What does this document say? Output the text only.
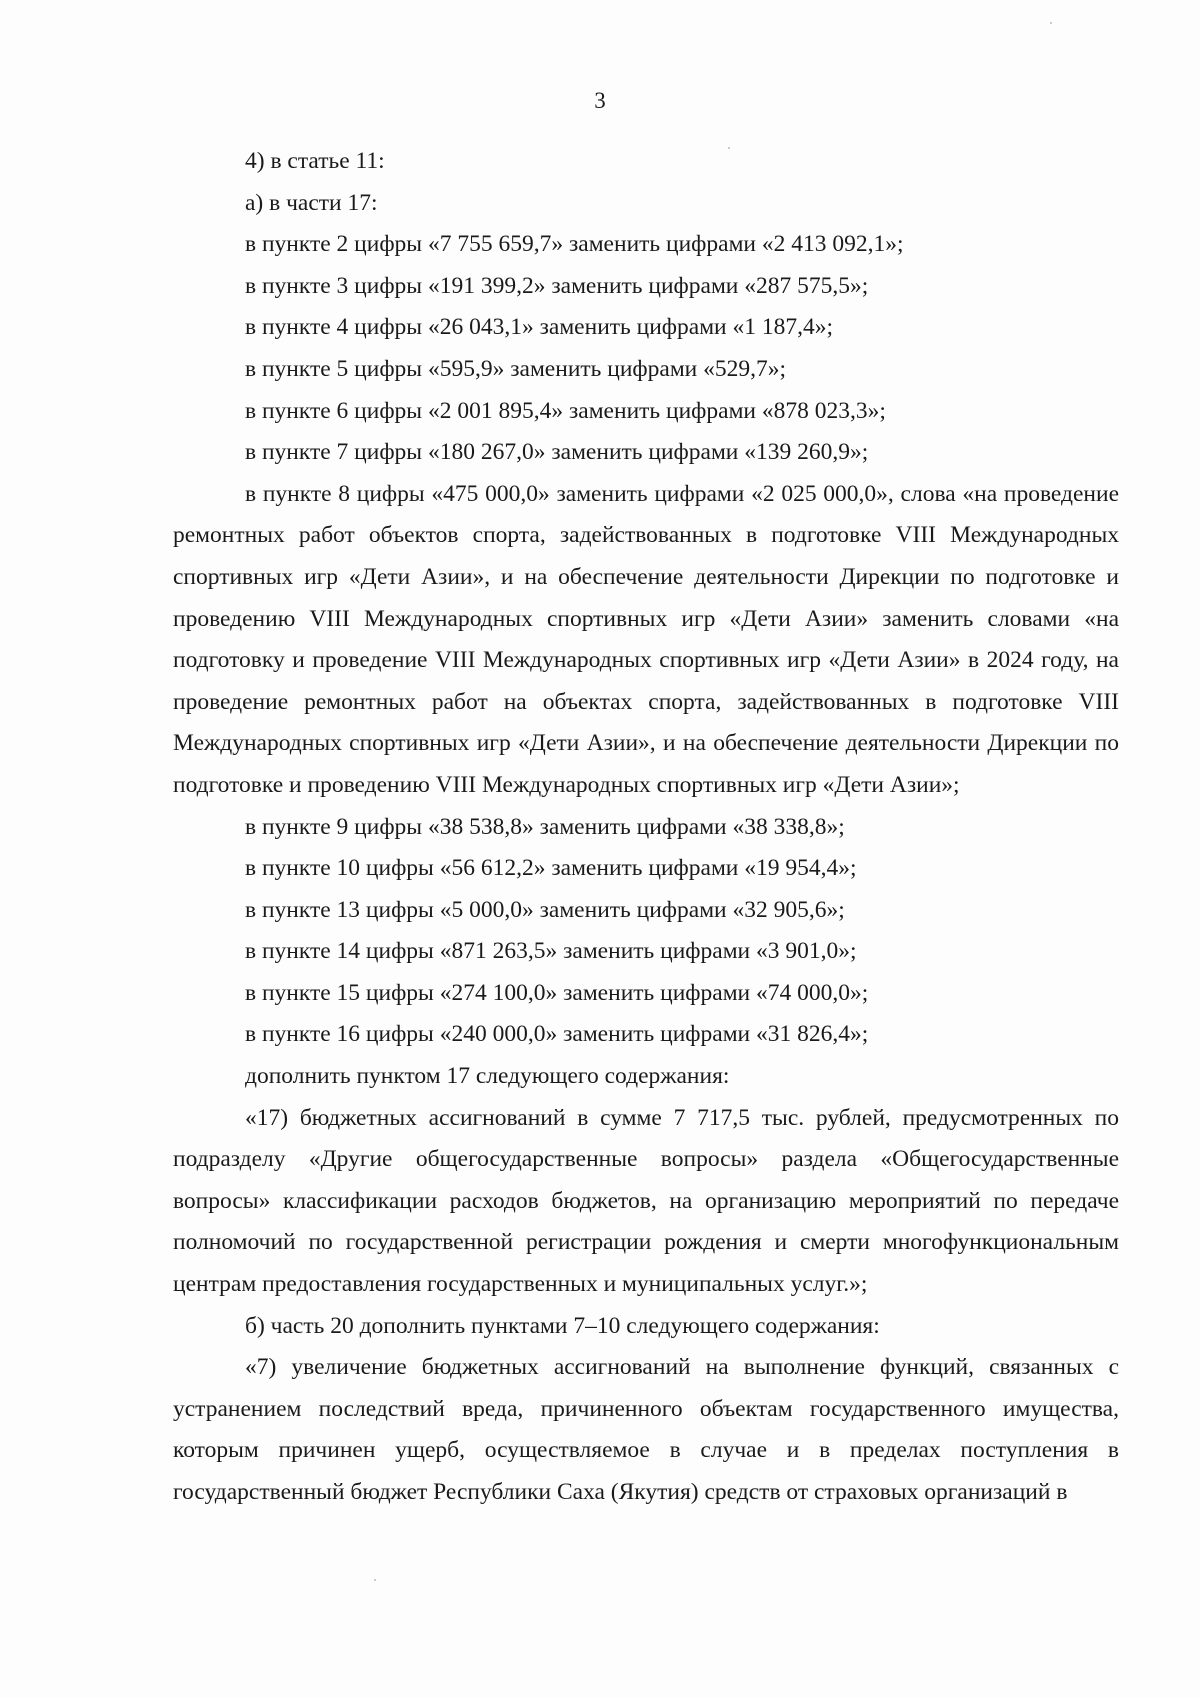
3

4) в статье 11:

а) в части 17:

в пункте 2 цифры «7 755 659,7» заменить цифрами «2 413 092,1»;

в пункте 3 цифры «191 399,2» заменить цифрами «287 575,5»;

в пункте 4 цифры «26 043,1» заменить цифрами «1 187,4»;

в пункте 5 цифры «595,9» заменить цифрами «529,7»;

в пункте 6 цифры «2 001 895,4» заменить цифрами «878 023,3»;

в пункте 7 цифры «180 267,0» заменить цифрами «139 260,9»;

в пункте 8 цифры «475 000,0» заменить цифрами «2 025 000,0», слова «на проведение ремонтных работ объектов спорта, задействованных в подготовке VIII Международных спортивных игр «Дети Азии», и на обеспечение деятельности Дирекции по подготовке и проведению VIII Международных спортивных игр «Дети Азии» заменить словами «на подготовку и проведение VIII Международных спортивных игр «Дети Азии» в 2024 году, на проведение ремонтных работ на объектах спорта, задействованных в подготовке VIII Международных спортивных игр «Дети Азии», и на обеспечение деятельности Дирекции по подготовке и проведению VIII Международных спортивных игр «Дети Азии»;

в пункте 9 цифры «38 538,8» заменить цифрами «38 338,8»;

в пункте 10 цифры «56 612,2» заменить цифрами «19 954,4»;

в пункте 13 цифры «5 000,0» заменить цифрами «32 905,6»;

в пункте 14 цифры «871 263,5» заменить цифрами «3 901,0»;

в пункте 15 цифры «274 100,0» заменить цифрами «74 000,0»;

в пункте 16 цифры «240 000,0» заменить цифрами «31 826,4»;

дополнить пунктом 17 следующего содержания:

«17) бюджетных ассигнований в сумме 7 717,5 тыс. рублей, предусмотренных по подразделу «Другие общегосударственные вопросы» раздела «Общегосударственные вопросы» классификации расходов бюджетов, на организацию мероприятий по передаче полномочий по государственной регистрации рождения и смерти многофункциональным центрам предоставления государственных и муниципальных услуг.»;

б) часть 20 дополнить пунктами 7–10 следующего содержания:

«7) увеличение бюджетных ассигнований на выполнение функций, связанных с устранением последствий вреда, причиненного объектам государственного имущества, которым причинен ущерб, осуществляемое в случае и в пределах поступления в государственный бюджет Республики Саха (Якутия) средств от страховых организаций в
